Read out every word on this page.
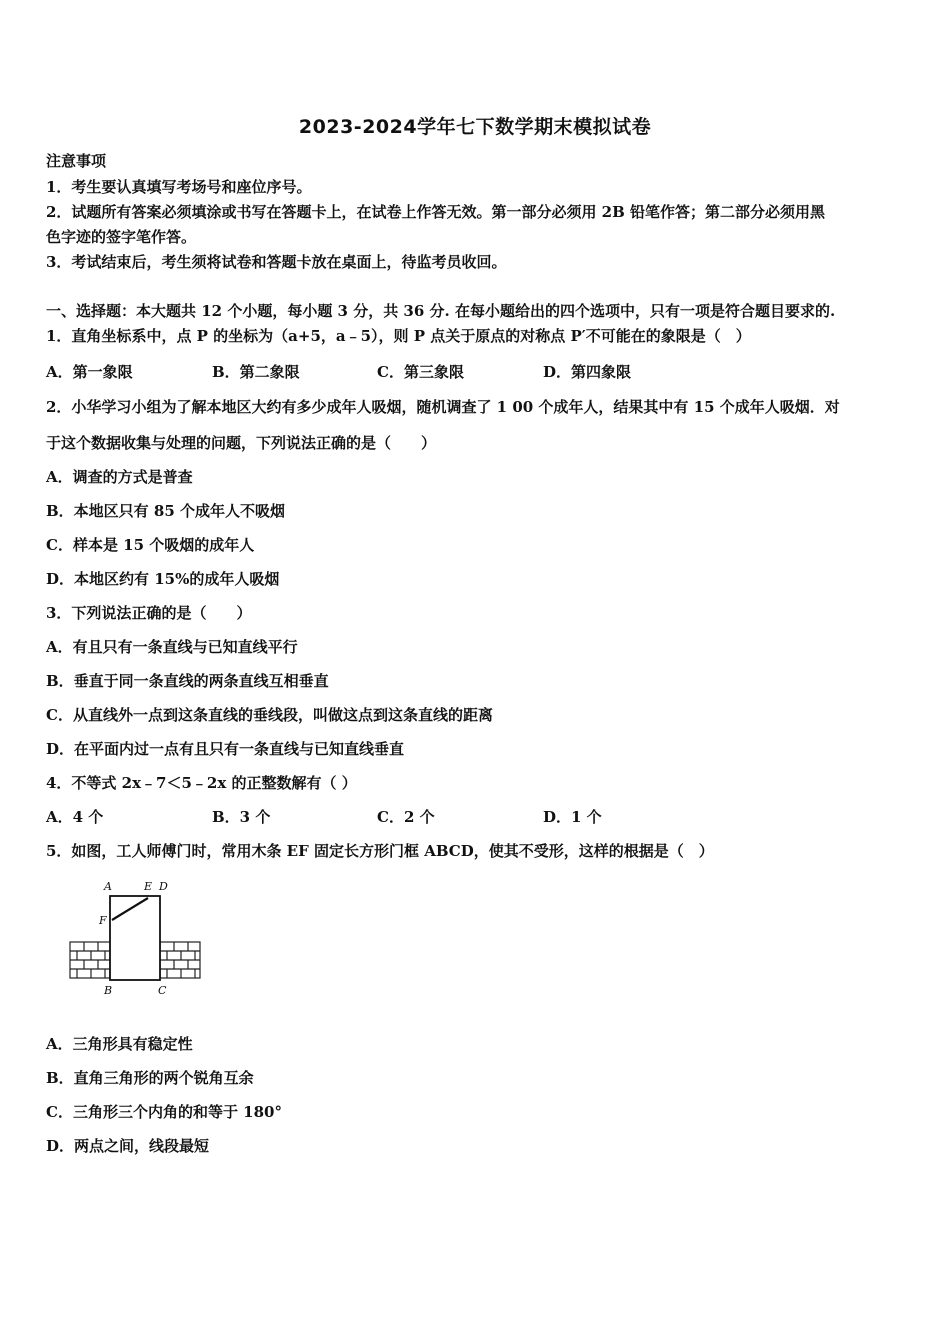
2023-2024学年七下数学期末模拟试卷
注意事项
1．考生要认真填写考场号和座位序号。
2．试题所有答案必须填涂或书写在答题卡上，在试卷上作答无效。第一部分必须用 2B 铅笔作答；第二部分必须用黑
色字迹的签字笔作答。
3．考试结束后，考生须将试卷和答题卡放在桌面上，待监考员收回。
一、选择题：本大题共 12 个小题，每小题 3 分，共 36 分. 在每小题给出的四个选项中，只有一项是符合题目要求的.
1．直角坐标系中，点 P 的坐标为（a+5，a﹣5），则 P 点关于原点的对称点 P′不可能在的象限是（　）
A．第一象限	B．第二象限	C．第三象限	D．第四象限
2．小华学习小组为了解本地区大约有多少成年人吸烟，随机调查了 1 00 个成年人，结果其中有 15 个成年人吸烟．对
于这个数据收集与处理的问题，下列说法正确的是（　　）
A．调查的方式是普查
B．本地区只有 85 个成年人不吸烟
C．样本是 15 个吸烟的成年人
D．本地区约有 15%的成年人吸烟
3．下列说法正确的是（　　）
A．有且只有一条直线与已知直线平行
B．垂直于同一条直线的两条直线互相垂直
C．从直线外一点到这条直线的垂线段，叫做这点到这条直线的距离
D．在平面内过一点有且只有一条直线与已知直线垂直
4．不等式 2x﹣7＜5﹣2x 的正整数解有（ ）
A．4 个	B．3 个	C．2 个	D．1 个
5．如图，工人师傅门时，常用木条 EF 固定长方形门框 ABCD，使其不受形，这样的根据是（　）
A	E D
F
B	C
A．三角形具有稳定性
B．直角三角形的两个锐角互余
C．三角形三个内角的和等于 180°
D．两点之间，线段最短
